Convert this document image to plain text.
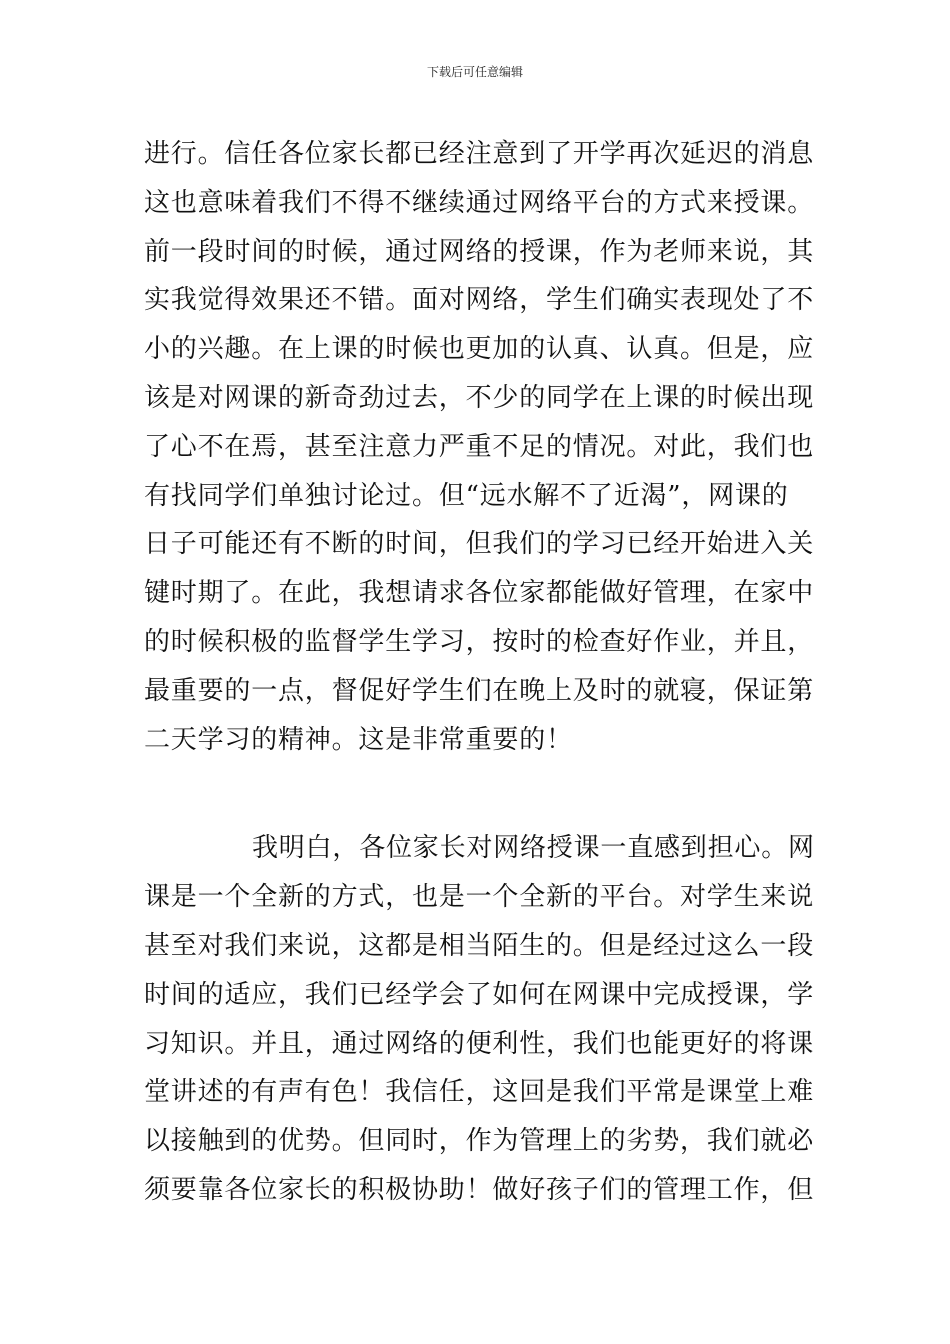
下载后可任意编辑
进行。信任各位家长都已经注意到了开学再次延迟的消息
这也意味着我们不得不继续通过网络平台的方式来授课。
前一段时间的时候，通过网络的授课，作为老师来说，其
实我觉得效果还不错。面对网络，学生们确实表现处了不
小的兴趣。在上课的时候也更加的认真、认真。但是，应
该是对网课的新奇劲过去，不少的同学在上课的时候出现
了心不在焉，甚至注意力严重不足的情况。对此，我们也
有找同学们单独讨论过。但“远水解不了近渴”，网课的
日子可能还有不断的时间，但我们的学习已经开始进入关
键时期了。在此，我想请求各位家都能做好管理，在家中
的时候积极的监督学生学习，按时的检查好作业，并且，
最重要的一点，督促好学生们在晚上及时的就寝，保证第
二天学习的精神。这是非常重要的！
我明白，各位家长对网络授课一直感到担心。网
课是一个全新的方式，也是一个全新的平台。对学生来说
甚至对我们来说，这都是相当陌生的。但是经过这么一段
时间的适应，我们已经学会了如何在网课中完成授课，学
习知识。并且，通过网络的便利性，我们也能更好的将课
堂讲述的有声有色！我信任，这回是我们平常是课堂上难
以接触到的优势。但同时，作为管理上的劣势，我们就必
须要靠各位家长的积极协助！做好孩子们的管理工作，但
